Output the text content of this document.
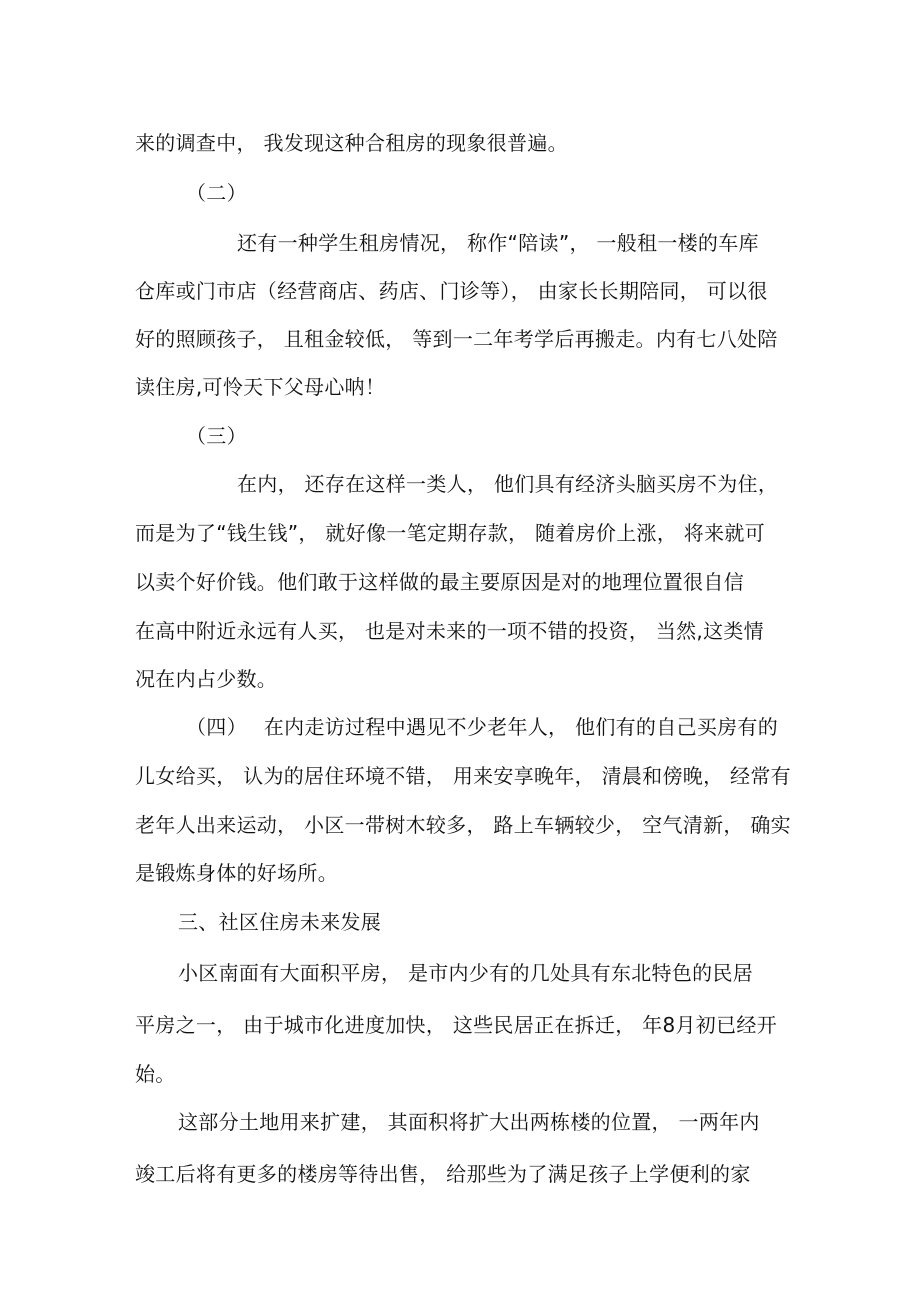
来的调查中， 我发现这种合租房的现象很普遍。
（二）
还有一种学生租房情况， 称作“陪读”， 一般租一楼的车库
仓库或门市店（经营商店、药店、门诊等）， 由家长长期陪同， 可以很
好的照顾孩子， 且租金较低， 等到一二年考学后再搬走。内有七八处陪
读住房,可怜天下父母心呐！
（三）
在内， 还存在这样一类人， 他们具有经济头脑买房不为住，
而是为了“钱生钱”， 就好像一笔定期存款， 随着房价上涨， 将来就可
以卖个好价钱。他们敢于这样做的最主要原因是对的地理位置很自信
在高中附近永远有人买， 也是对未来的一项不错的投资， 当然,这类情
况在内占少数。
（四）　 在内走访过程中遇见不少老年人， 他们有的自己买房有的
儿女给买， 认为的居住环境不错， 用来安享晚年， 清晨和傍晚， 经常有
老年人出来运动， 小区一带树木较多， 路上车辆较少， 空气清新， 确实
是锻炼身体的好场所。
三、社区住房未来发展
小区南面有大面积平房， 是市内少有的几处具有东北特色的民居
平房之一， 由于城市化进度加快， 这些民居正在拆迁， 年8月初已经开
始。
这部分土地用来扩建， 其面积将扩大出两栋楼的位置， 一两年内
竣工后将有更多的楼房等待出售， 给那些为了满足孩子上学便利的家
